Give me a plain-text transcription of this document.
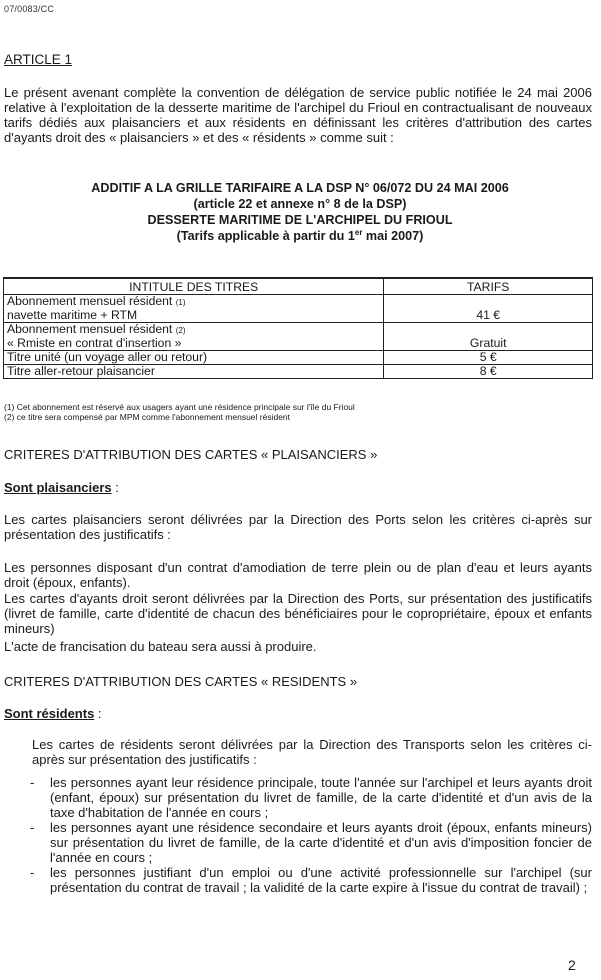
07/0083/CC
ARTICLE 1
Le présent avenant complète la convention de délégation de service public notifiée le 24 mai 2006 relative à l'exploitation de la desserte maritime de l'archipel du Frioul en contractualisant de nouveaux tarifs dédiés aux plaisanciers et aux résidents en définissant les critères d'attribution des cartes d'ayants droit des « plaisanciers » et des « résidents » comme suit :
ADDITIF A LA GRILLE TARIFAIRE A LA DSP N° 06/072 DU 24 MAI 2006
(article 22 et annexe n° 8 de la DSP)
DESSERTE MARITIME DE L'ARCHIPEL DU FRIOUL
(Tarifs applicable à partir du 1er mai 2007)
INTITULE DES TITRES	TARIFS

Abonnement mensuel résident (1)
navette maritime + RTM	41 €

Abonnement mensuel résident (2)
« Rmiste en contrat d'insertion »	Gratuit
Titre unité (un voyage aller ou retour)	5 €
Titre aller-retour plaisancier	8 €
(1) Cet abonnement est réservé aux usagers ayant une résidence principale sur l'île du Frioul
(2) ce titre sera compensé par MPM comme l'abonnement mensuel résident
CRITERES D'ATTRIBUTION DES CARTES « PLAISANCIERS »
Sont plaisanciers :
Les cartes plaisanciers seront délivrées par la Direction des Ports selon les critères ci-après sur présentation des justificatifs :
Les personnes disposant d'un contrat d'amodiation de terre plein ou de plan d'eau et leurs ayants droit (époux, enfants).
Les cartes d'ayants droit seront délivrées par la Direction des Ports, sur présentation des justificatifs (livret de famille, carte d'identité de chacun des bénéficiaires pour le copropriétaire, époux et enfants mineurs)
L'acte de francisation du bateau sera aussi à produire.
CRITERES D'ATTRIBUTION DES CARTES « RESIDENTS »
Sont résidents :
Les cartes de résidents seront délivrées par la Direction des Transports selon les critères ci-après sur présentation des justificatifs :
- les personnes ayant leur résidence principale, toute l'année sur l'archipel et leurs ayants droit (enfant, époux) sur présentation du livret de famille, de la carte d'identité et d'un avis de la taxe d'habitation de l'année en cours ;
- les personnes ayant une résidence secondaire et leurs ayants droit (époux, enfants mineurs) sur présentation du livret de famille, de la carte d'identité et d'un avis d'imposition foncier de l'année en cours ;
- les personnes justifiant d'un emploi ou d'une activité professionnelle sur l'archipel (sur présentation du contrat de travail ; la validité de la carte expire à l'issue du contrat de travail) ;
2
